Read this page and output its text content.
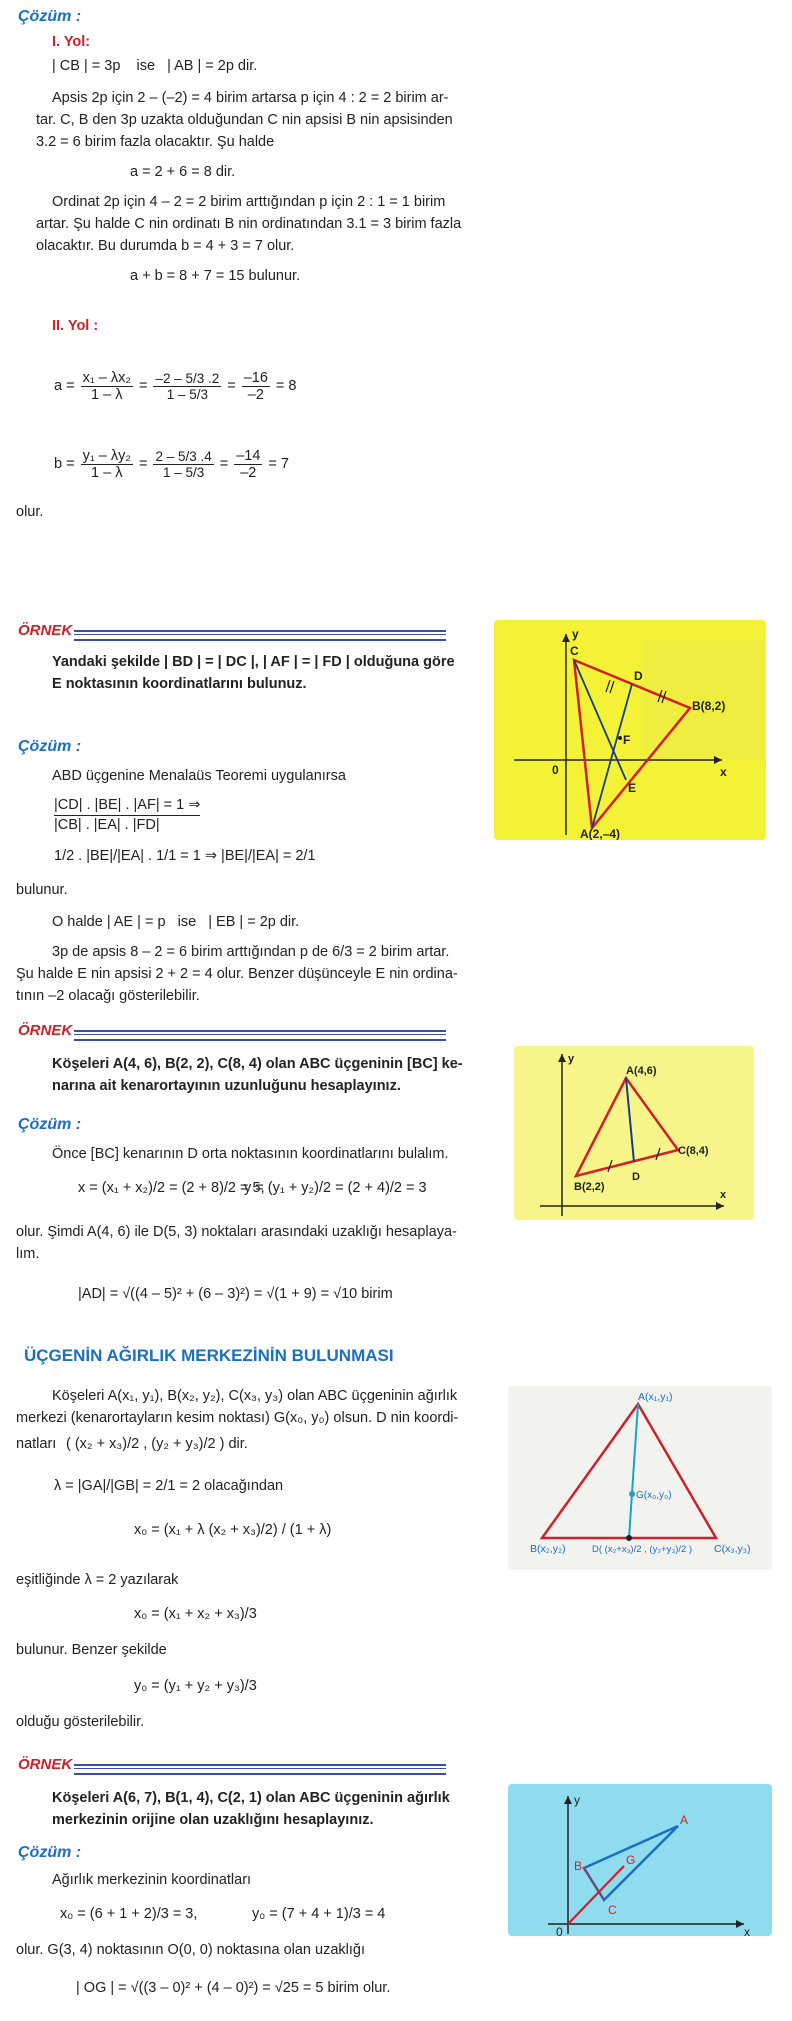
Çözüm :
I. Yol:
| CB | = 3p    ise   | AB | = 2p dir.
Apsis 2p için 2 – (–2) = 4 birim artarsa p için 4 : 2 = 2 birim ar-
tar. C, B den 3p uzakta olduğundan C nin apsisi B nin apsisinden
3.2 = 6 birim fazla olacaktır. Şu halde
a = 2 + 6 = 8 dir.
Ordinat 2p için 4 – 2 = 2 birim arttığından p için 2 : 1 = 1 birim
artar. Şu halde C nin ordinatı B nin ordinatından 3.1 = 3 birim fazla
olacaktır. Bu durumda b = 4 + 3 = 7 olur.
a + b = 8 + 7 = 15 bulunur.
II. Yol :
$a = \frac{\text{x₁ – λx₂}}{1 - \lambda} = \frac{-2 - 5/3 .2}{1 - 5/3} = \frac{-16}{-2} = 8$
$b = \frac{\text{y₁ – λy₂}}{1 - \lambda} = \frac{2 - 5/3 .4}{1 - 5/3} = \frac{-14}{-2} = 7$
olur.
ÖRNEK
Yandaki şekilde | BD | = | DC |, | AF | = | FD | olduğuna göre
E noktasının koordinatlarını bulunuz.
Çözüm :
ABD üçgenine Menalaüs Teoremi uygulanırsa
|CD| . |BE| . |AF| = 1 ⇒
|CB| . |EA| . |FD|
1/2 . |BE|/|EA| . 1/1 = 1 ⇒ |BE|/|EA| = 2/1
bulunur.
O halde | AE | = p   ise   | EB | = 2p dir.
3p de apsis 8 – 2 = 6 birim arttığından p de 6/3 = 2 birim artar.
Şu halde E nin apsisi 2 + 2 = 4 olur. Benzer düşünceyle E nin ordina-
tının –2 olacağı gösterilebilir.
C
D
B(8,2)
F
E
A(2,–4)
0	x
y
ÖRNEK
Köşeleri A(4, 6), B(2, 2), C(8, 4) olan ABC üçgeninin [BC] ke-
narına ait kenarortayının uzunluğunu hesaplayınız.
Çözüm :
Önce [BC] kenarının D orta noktasının koordinatlarını bulalım.
x = (x₁ + x₂)/2 = (2 + 8)/2 = 5,
y = (y₁ + y₂)/2 = (2 + 4)/2 = 3
olur. Şimdi A(4, 6) ile D(5, 3) noktaları arasındaki uzaklığı hesaplaya-
lım.
|AD| = √((4 – 5)² + (6 – 3)²) = √(1 + 9) = √10 birim
A(4,6)
C(8,4)
B(2,2)
D
x
y
ÜÇGENİN AĞIRLIK MERKEZİNİN BULUNMASI
Köşeleri A(x₁, y₁), B(x₂, y₂), C(x₃, y₃) olan ABC üçgeninin ağırlık
merkezi (kenarortayların kesim noktası) G(x₀, y₀) olsun. D nin koordi-
natları ( (x₂ + x₃)/2 , (y₂ + y₃)/2 ) dir.
λ = |GA|/|GB| = 2/1 = 2 olacağından
x₀ = (x₁ + λ (x₂ + x₃)/2) / (1 + λ)
eşitliğinde λ = 2 yazılarak
x₀ = (x₁ + x₂ + x₃)/3
bulunur. Benzer şekilde
y₀ = (y₁ + y₂ + y₃)/3
olduğu gösterilebilir.
A(x₁,y₁)
G(x₀,y₀)
B(x₂,y₂)	C(x₃,y₃)
D( (x₂+x₃)/2 , (y₂+y₃)/2 )
ÖRNEK
Köşeleri A(6, 7), B(1, 4), C(2, 1) olan ABC üçgeninin ağırlık
merkezinin orijine olan uzaklığını hesaplayınız.
Çözüm :
Ağırlık merkezinin koordinatları
x₀ = (6 + 1 + 2)/3 = 3,	y₀ = (7 + 4 + 1)/3 = 4
olur. G(3, 4) noktasının O(0, 0) noktasına olan uzaklığı
| OG | = √((3 – 0)² + (4 – 0)²) = √25 = 5 birim olur.
A
B	G
C
0	x
y
